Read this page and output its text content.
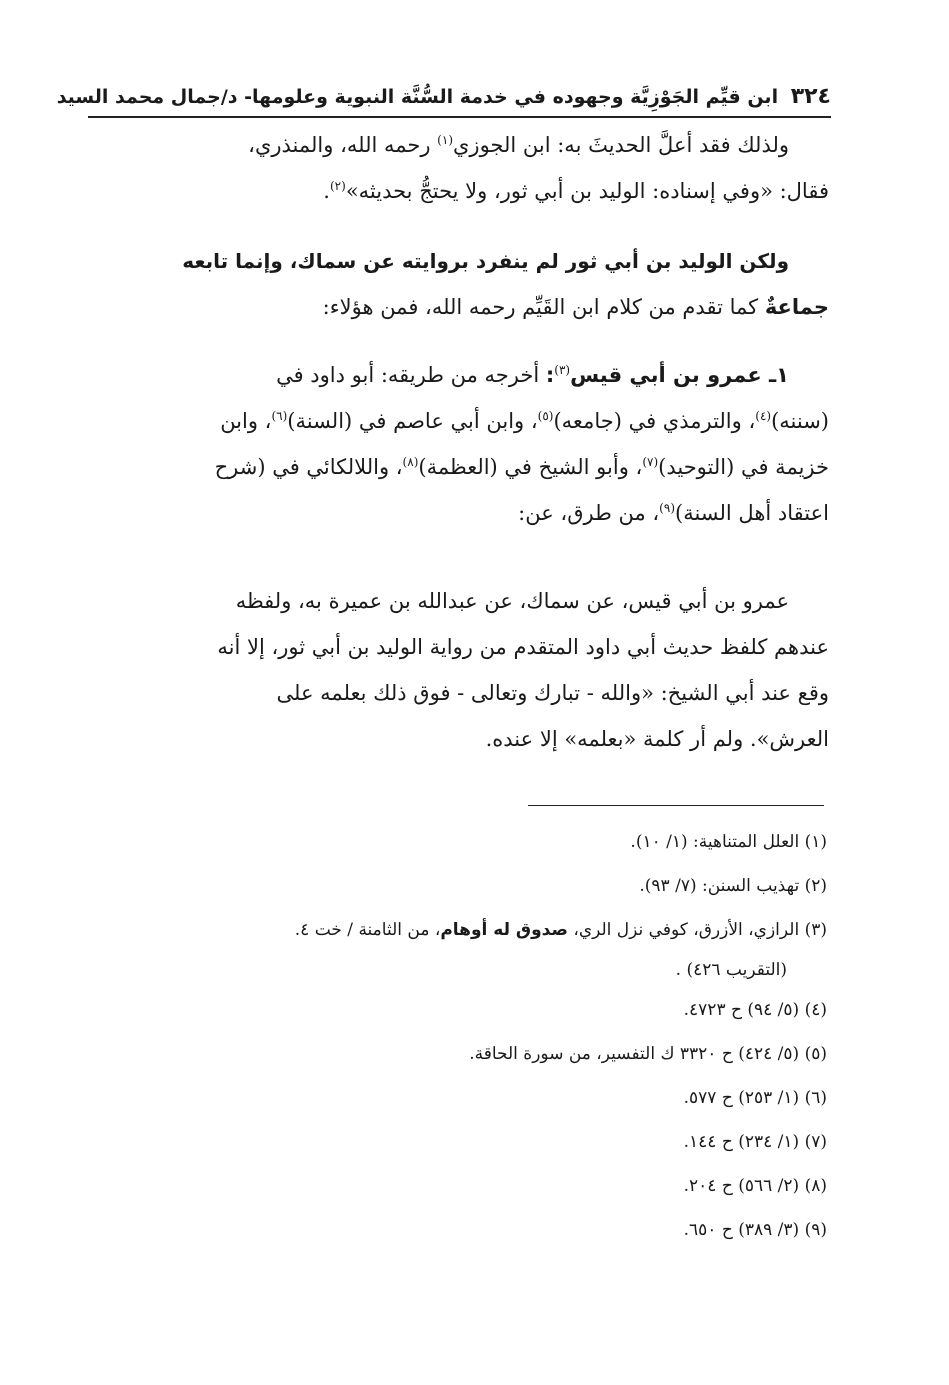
٣٢٤ ابن قيِّم الجَوْزِيَّة وجهوده في خدمة السُّنَّة النبوية وعلومها- د/جمال محمد السيد
ولذلك فقد أعلَّ الحديثَ به: ابن الجوزي$^{(١)}$ رحمه الله، والمنذري،
فقال: «وفي إسناده: الوليد بن أبي ثور، ولا يحتجُّ بحديثه»$^{(٢)}$.
ولكن الوليد بن أبي ثور لم ينفرد بروايته عن سماك، وإنما تابعه
جماعةٌ كما تقدم من كلام ابن القَيِّم رحمه الله، فمن هؤلاء:
١ـ عمرو بن أبي قيس$^{(٣)}$: أخرجه من طريقه: أبو داود في
(سننه)$^{(٤)}$، والترمذي في (جامعه)$^{(٥)}$، وابن أبي عاصم في (السنة)$^{(٦)}$، وابن
خزيمة في (التوحيد)$^{(٧)}$، وأبو الشيخ في (العظمة)$^{(٨)}$، واللالكائي في (شرح
اعتقاد أهل السنة)$^{(٩)}$، من طرق، عن:
عمرو بن أبي قيس، عن سماك، عن عبدالله بن عميرة به، ولفظه
عندهم كلفظ حديث أبي داود المتقدم من رواية الوليد بن أبي ثور، إلا أنه
وقع عند أبي الشيخ: «والله - تبارك وتعالى - فوق ذلك بعلمه على
العرش». ولم أر كلمة «بعلمه» إلا عنده.
(١) العلل المتناهية: (١/ ١٠).
(٢) تهذيب السنن: (٧/ ٩٣).
(٣) الرازي، الأزرق، كوفي نزل الري، صدوق له أوهام، من الثامنة / خت ٤.
(التقريب ٤٢٦) .
(٤) (٥/ ٩٤) ح ٤٧٢٣.
(٥) (٥/ ٤٢٤) ح ٣٣٢٠ ك التفسير، من سورة الحاقة.
(٦) (١/ ٢٥٣) ح ٥٧٧.
(٧) (١/ ٢٣٤) ح ١٤٤.
(٨) (٢/ ٥٦٦) ح ٢٠٤.
(٩) (٣/ ٣٨٩) ح ٦٥٠.
